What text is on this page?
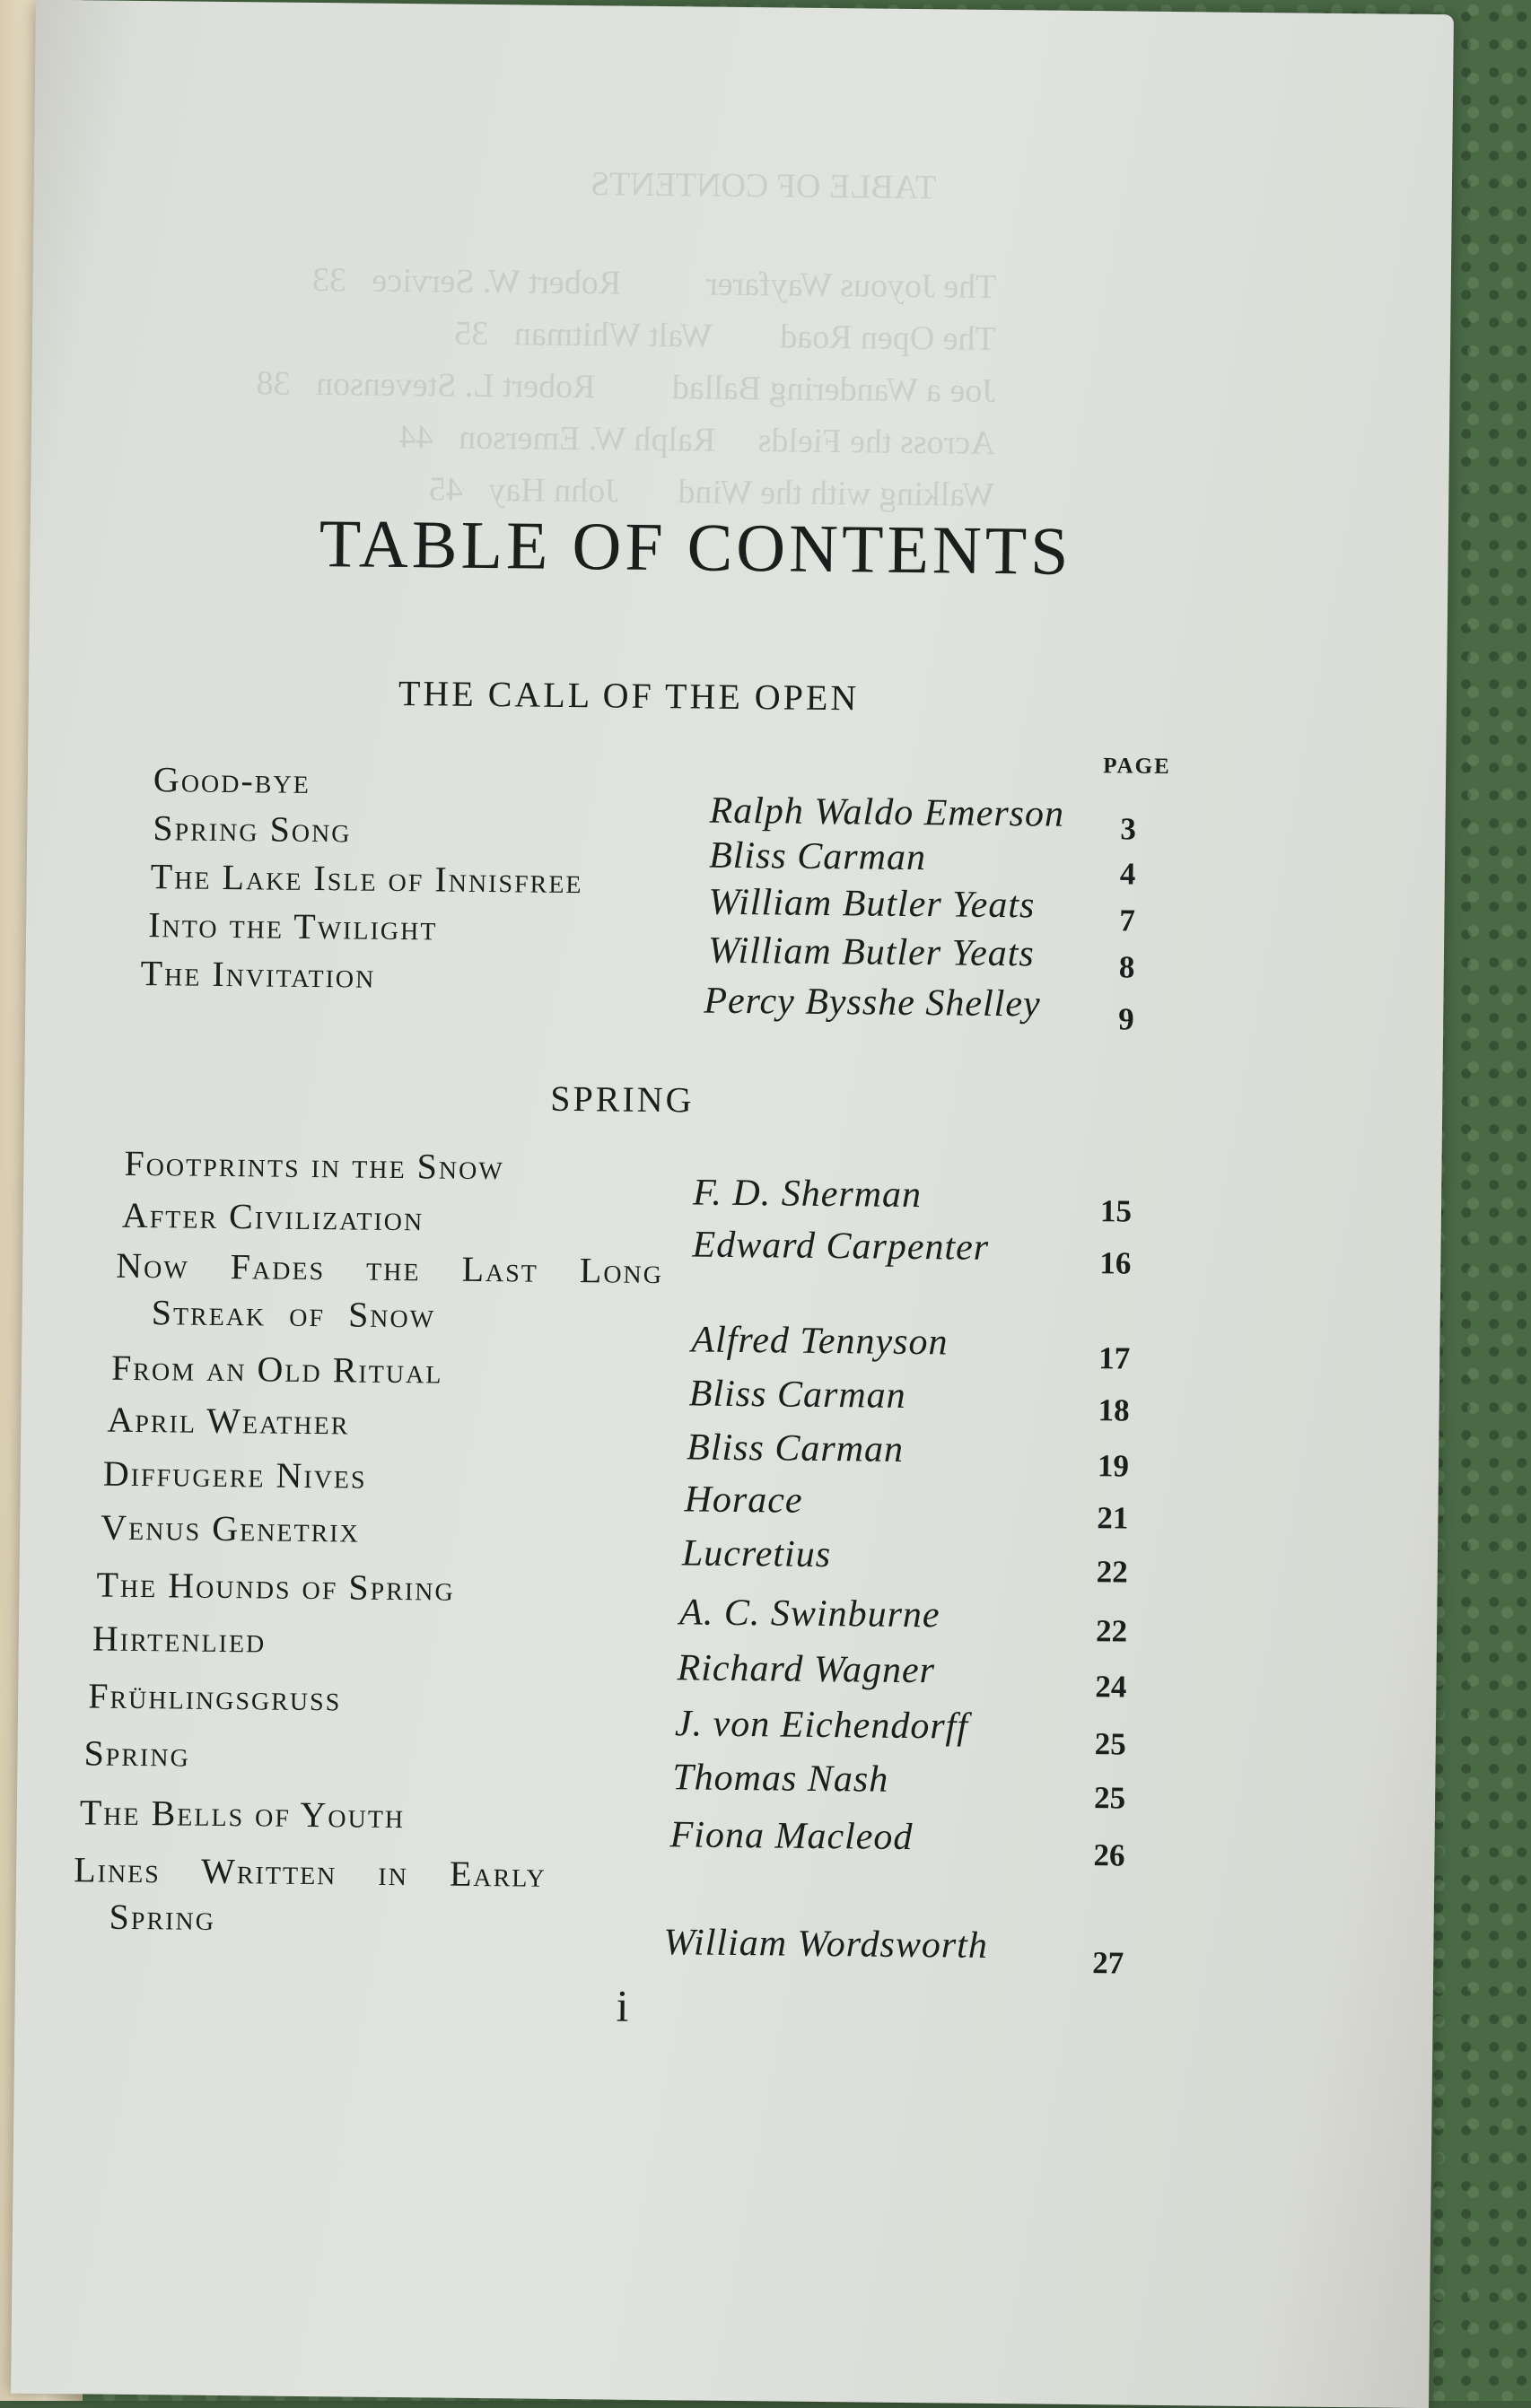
TABLE OF CONTENTS
The Joyous Wayfarer          Robert W. Service   33
The Open Road        Walt Whitman   35
Joe a Wandering Ballad         Robert L. Stevenson   38
Across the Fields     Ralph W. Emerson   44
Walking with the Wind       John Hay   45
TABLE OF CONTENTS
THE CALL OF THE OPEN
PAGE
Good-bye
Ralph Waldo Emerson 3
Spring Song
Bliss Carman	4
The Lake Isle of Innisfree
William Butler Yeats	7
Into the Twilight
William Butler Yeats	8
The Invitation
Percy Bysshe Shelley 9
SPRING
Footprints in the Snow
F. D. Sherman	15
After Civilization
Edward Carpenter	16
Now Fades the Last Long
Streak of Snow
Alfred Tennyson	17
From an Old Ritual
Bliss Carman	18
April Weather
Bliss Carman	19
Diffugere Nives
Horace	21
Venus Genetrix
Lucretius	22
The Hounds of Spring
A. C. Swinburne	22
Hirtenlied
Richard Wagner	24
Frühlingsgruss
J. von Eichendorff	25
Spring
Thomas Nash	25
The Bells of Youth
Fiona Macleod	26
Lines Written in Early
Spring
William Wordsworth	27
i
